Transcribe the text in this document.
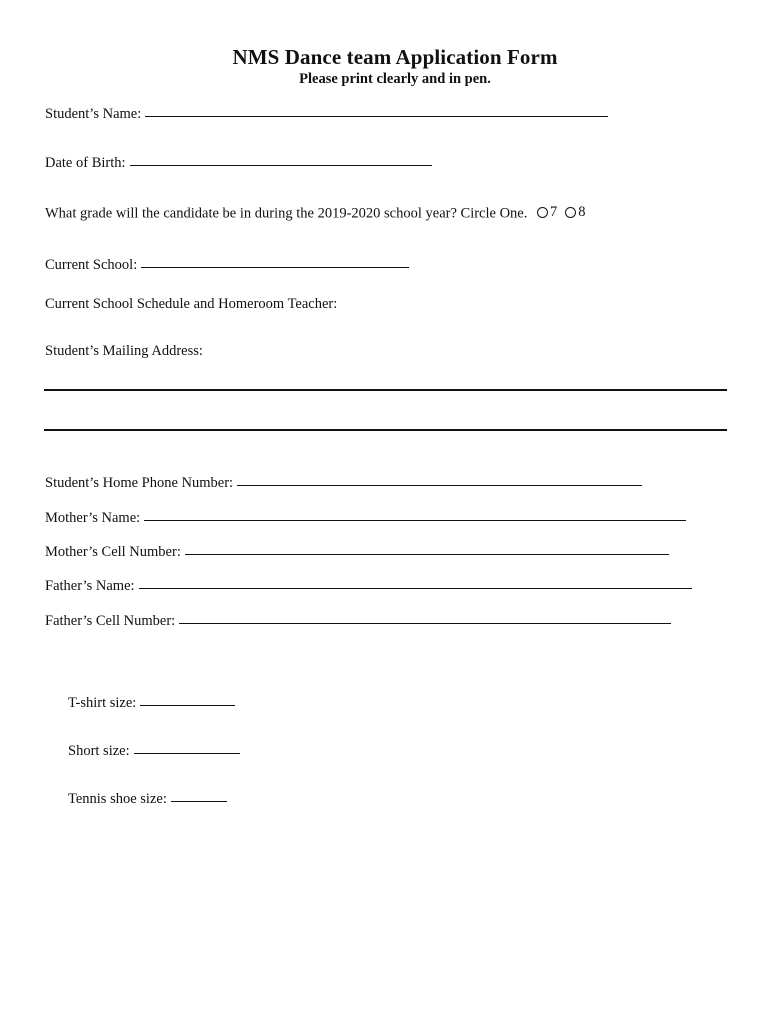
NMS Dance team Application Form
Please print clearly and in pen.
Student’s Name:
Date of Birth:
What grade will the candidate be in during the 2019-2020 school year? Circle One. 7 8
Current School:
Current School Schedule and Homeroom Teacher:
Student’s Mailing Address:
Student’s Home Phone Number:
Mother’s Name:
Mother’s Cell Number:
Father’s Name:
Father’s Cell Number:
T-shirt size:
Short size:
Tennis shoe size:
